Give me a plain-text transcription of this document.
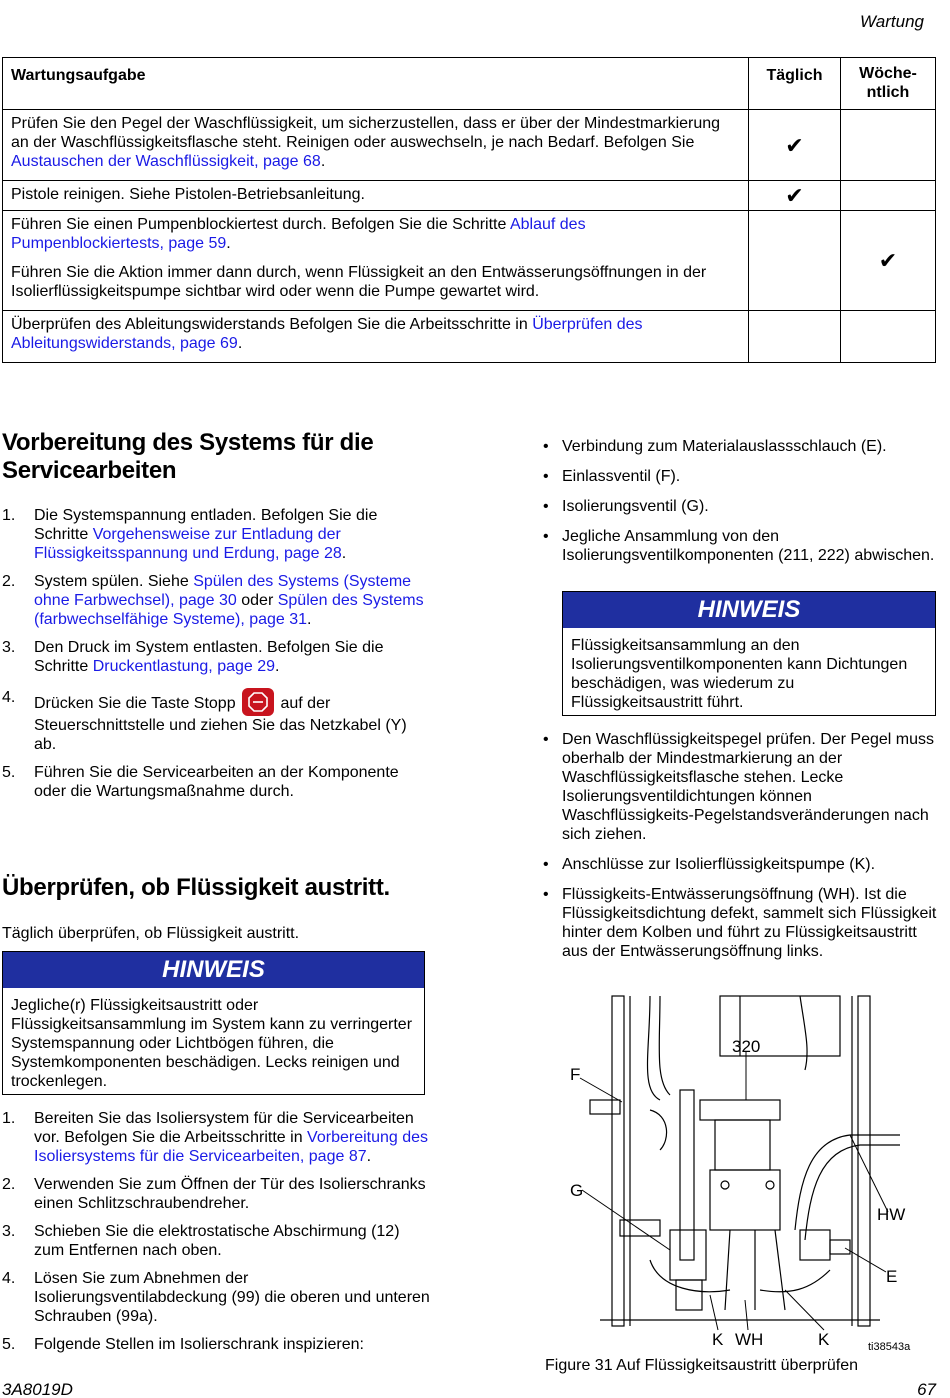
Wartung
Wartungsaufgabe	Täglich	Wöche-
ntlich
Prüfen Sie den Pegel der Waschflüssigkeit, um sicherzustellen, dass er über der Mindestmarkierung an der Waschflüssigkeitsflasche steht. Reinigen oder auswechseln, je nach Bedarf. Befolgen Sie Austauschen der Waschflüssigkeit, page 68.	✔	
Pistole reinigen. Siehe Pistolen-Betriebsanleitung.	✔	

Führen Sie einen Pumpenblockiertest durch. Befolgen Sie die Schritte Ablauf des Pumpenblockiertests, page 59.
Führen Sie die Aktion immer dann durch, wenn Flüssigkeit an den Entwässerungsöffnungen in der Isolierflüssigkeitspumpe sichtbar wird oder wenn die Pumpe gewartet wird.		✔
Überprüfen des Ableitungswiderstands Befolgen Sie die Arbeitsschritte in Überprüfen des Ableitungswiderstands, page 69.		
Vorbereitung des Systems für die Servicearbeiten
1. Die Systemspannung entladen. Befolgen Sie die Schritte Vorgehensweise zur Entladung der Flüssigkeitsspannung und Erdung, page 28.
2. System spülen. Siehe Spülen des Systems (Systeme ohne Farbwechsel), page 30 oder Spülen des Systems (farbwechselfähige Systeme), page 31.
3. Den Druck im System entlasten. Befolgen Sie die Schritte Druckentlastung, page 29.
4. Drücken Sie die Taste Stopp
auf der Steuerschnittstelle und ziehen Sie das Netzkabel (Y) ab.
5. Führen Sie die Servicearbeiten an der Komponente oder die Wartungsmaßnahme durch.
Überprüfen, ob Flüssigkeit austritt.
Täglich überprüfen, ob Flüssigkeit austritt.
HINWEIS
Jegliche(r) Flüssigkeitsaustritt oder Flüssigkeitsansammlung im System kann zu verringerter Systemspannung oder Lichtbögen führen, die Systemkomponenten beschädigen. Lecks reinigen und trockenlegen.
1. Bereiten Sie das Isoliersystem für die Servicearbeiten vor. Befolgen Sie die Arbeitsschritte in Vorbereitung des Isoliersystems für die Servicearbeiten, page 87.
2. Verwenden Sie zum Öffnen der Tür des Isolierschranks einen Schlitzschraubendreher.
3. Schieben Sie die elektrostatische Abschirmung (12) zum Entfernen nach oben.
4. Lösen Sie zum Abnehmen der Isolierungsventilabdeckung (99) die oberen und unteren Schrauben (99a).
5. Folgende Stellen im Isolierschrank inspizieren:
• Verbindung zum Materialauslassschlauch (E).
• Einlassventil (F).
• Isolierungsventil (G).
• Jegliche Ansammlung von den Isolierungsventilkomponenten (211, 222) abwischen.
HINWEIS
Flüssigkeitsansammlung an den Isolierungsventilkomponenten kann Dichtungen beschädigen, was wiederum zu Flüssigkeitsaustritt führt.
• Den Waschflüssigkeitspegel prüfen. Der Pegel muss oberhalb der Mindestmarkierung an der Waschflüssigkeitsflasche stehen. Lecke Isolierungsventildichtungen können Waschflüssigkeits-Pegelstandsveränderungen nach sich ziehen.
• Anschlüsse zur Isolierflüssigkeitspumpe (K).
• Flüssigkeits-Entwässerungsöffnung (WH). Ist die Flüssigkeitsdichtung defekt, sammelt sich Flüssigkeit hinter dem Kolben und führt zu Flüssigkeitsaustritt aus der Entwässerungsöffnung links.
F
G
320
HW
E
K WH	K	ti38543a
Figure 31 Auf Flüssigkeitsaustritt überprüfen
3A8019D	67
